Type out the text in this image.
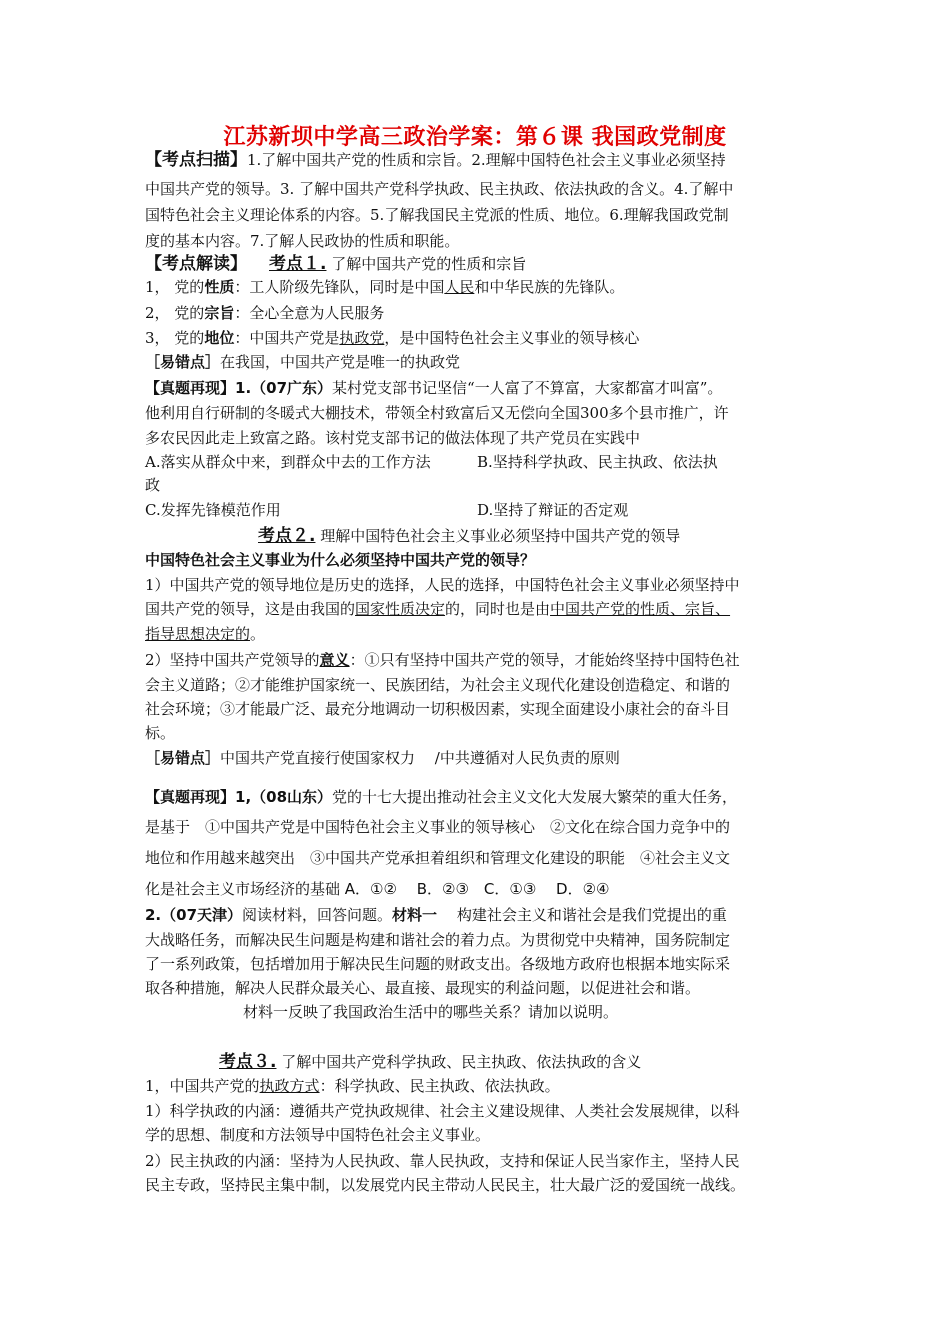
江苏新坝中学高三政治学案：第６课 我国政党制度
【考点扫描】1.了解中国共产党的性质和宗旨。2.理解中国特色社会主义事业必须坚持
中国共产党的领导。3. 了解中国共产党科学执政、民主执政、依法执政的含义。4.了解中
国特色社会主义理论体系的内容。5.了解我国民主党派的性质、地位。6.理解我国政党制
度的基本内容。7.了解人民政协的性质和职能。
【考点解读】 考点１. 了解中国共产党的性质和宗旨
1， 党的性质：工人阶级先锋队，同时是中国人民和中华民族的先锋队。
2， 党的宗旨：全心全意为人民服务
3， 党的地位：中国共产党是执政党，是中国特色社会主义事业的领导核心
［易错点］在我国，中国共产党是唯一的执政党
【真题再现】1.（07广东）某村党支部书记坚信“一人富了不算富，大家都富才叫富”。
他利用自行研制的冬暖式大棚技术，带领全村致富后又无偿向全国300多个县市推广，许
多农民因此走上致富之路。该村党支部书记的做法体现了共产党员在实践中
A.落实从群众中来，到群众中去的工作方法	B.坚持科学执政、民主执政、依法执
政
C.发挥先锋模范作用	D.坚持了辩证的否定观
考点２. 理解中国特色社会主义事业必须坚持中国共产党的领导
中国特色社会主义事业为什么必须坚持中国共产党的领导？
1）中国共产党的领导地位是历史的选择，人民的选择，中国特色社会主义事业必须坚持中
国共产党的领导，这是由我国的国家性质决定的，同时也是由中国共产党的性质、宗旨、
指导思想决定的。
2）坚持中国共产党领导的意义：①只有坚持中国共产党的领导，才能始终坚持中国特色社
会主义道路；②才能维护国家统一、民族团结，为社会主义现代化建设创造稳定、和谐的
社会环境；③才能最广泛、最充分地调动一切积极因素，实现全面建设小康社会的奋斗目
标。
［易错点］中国共产党直接行使国家权力　 /中共遵循对人民负责的原则
【真题再现】1,（08山东）党的十七大提出推动社会主义文化大发展大繁荣的重大任务，
是基于　①中国共产党是中国特色社会主义事业的领导核心　②文化在综合国力竞争中的
地位和作用越来越突出　③中国共产党承担着组织和管理文化建设的职能　④社会主义文
化是社会主义市场经济的基础 A．①②　 B．②③　C．①③　 D．②④
2.（07天津）阅读材料，回答问题。材料一　 构建社会主义和谐社会是我们党提出的重
大战略任务，而解决民生问题是构建和谐社会的着力点。为贯彻党中央精神，国务院制定
了一系列政策，包括增加用于解决民生问题的财政支出。各级地方政府也根据本地实际采
取各种措施，解决人民群众最关心、最直接、最现实的利益问题，以促进社会和谐。
材料一反映了我国政治生活中的哪些关系？请加以说明。
考点３. 了解中国共产党科学执政、民主执政、依法执政的含义
1，中国共产党的执政方式：科学执政、民主执政、依法执政。
1）科学执政的内涵：遵循共产党执政规律、社会主义建设规律、人类社会发展规律，以科
学的思想、制度和方法领导中国特色社会主义事业。
2）民主执政的内涵：坚持为人民执政、靠人民执政，支持和保证人民当家作主，坚持人民
民主专政，坚持民主集中制，以发展党内民主带动人民民主，壮大最广泛的爱国统一战线。
